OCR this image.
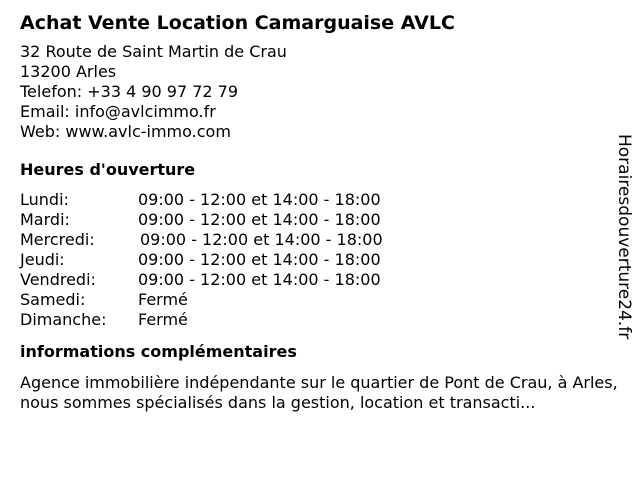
Achat Vente Location Camarguaise AVLC
32 Route de Saint Martin de Crau
13200 Arles
Telefon: +33 4 90 97 72 79
Email: info@avlcimmo.fr
Web: www.avlc-immo.com
Heures d'ouverture
Lundi:	09:00 - 12:00 et 14:00 - 18:00
Mardi:	09:00 - 12:00 et 14:00 - 18:00
Mercredi:	09:00 - 12:00 et 14:00 - 18:00
Jeudi:	09:00 - 12:00 et 14:00 - 18:00
Vendredi:	09:00 - 12:00 et 14:00 - 18:00
Samedi:	Fermé
Dimanche:	Fermé
informations complémentaires
Agence immobilière indépendante sur le quartier de Pont de Crau, à Arles, nous sommes spécialisés dans la gestion, location et transacti...
Horairesdouverture24.fr
